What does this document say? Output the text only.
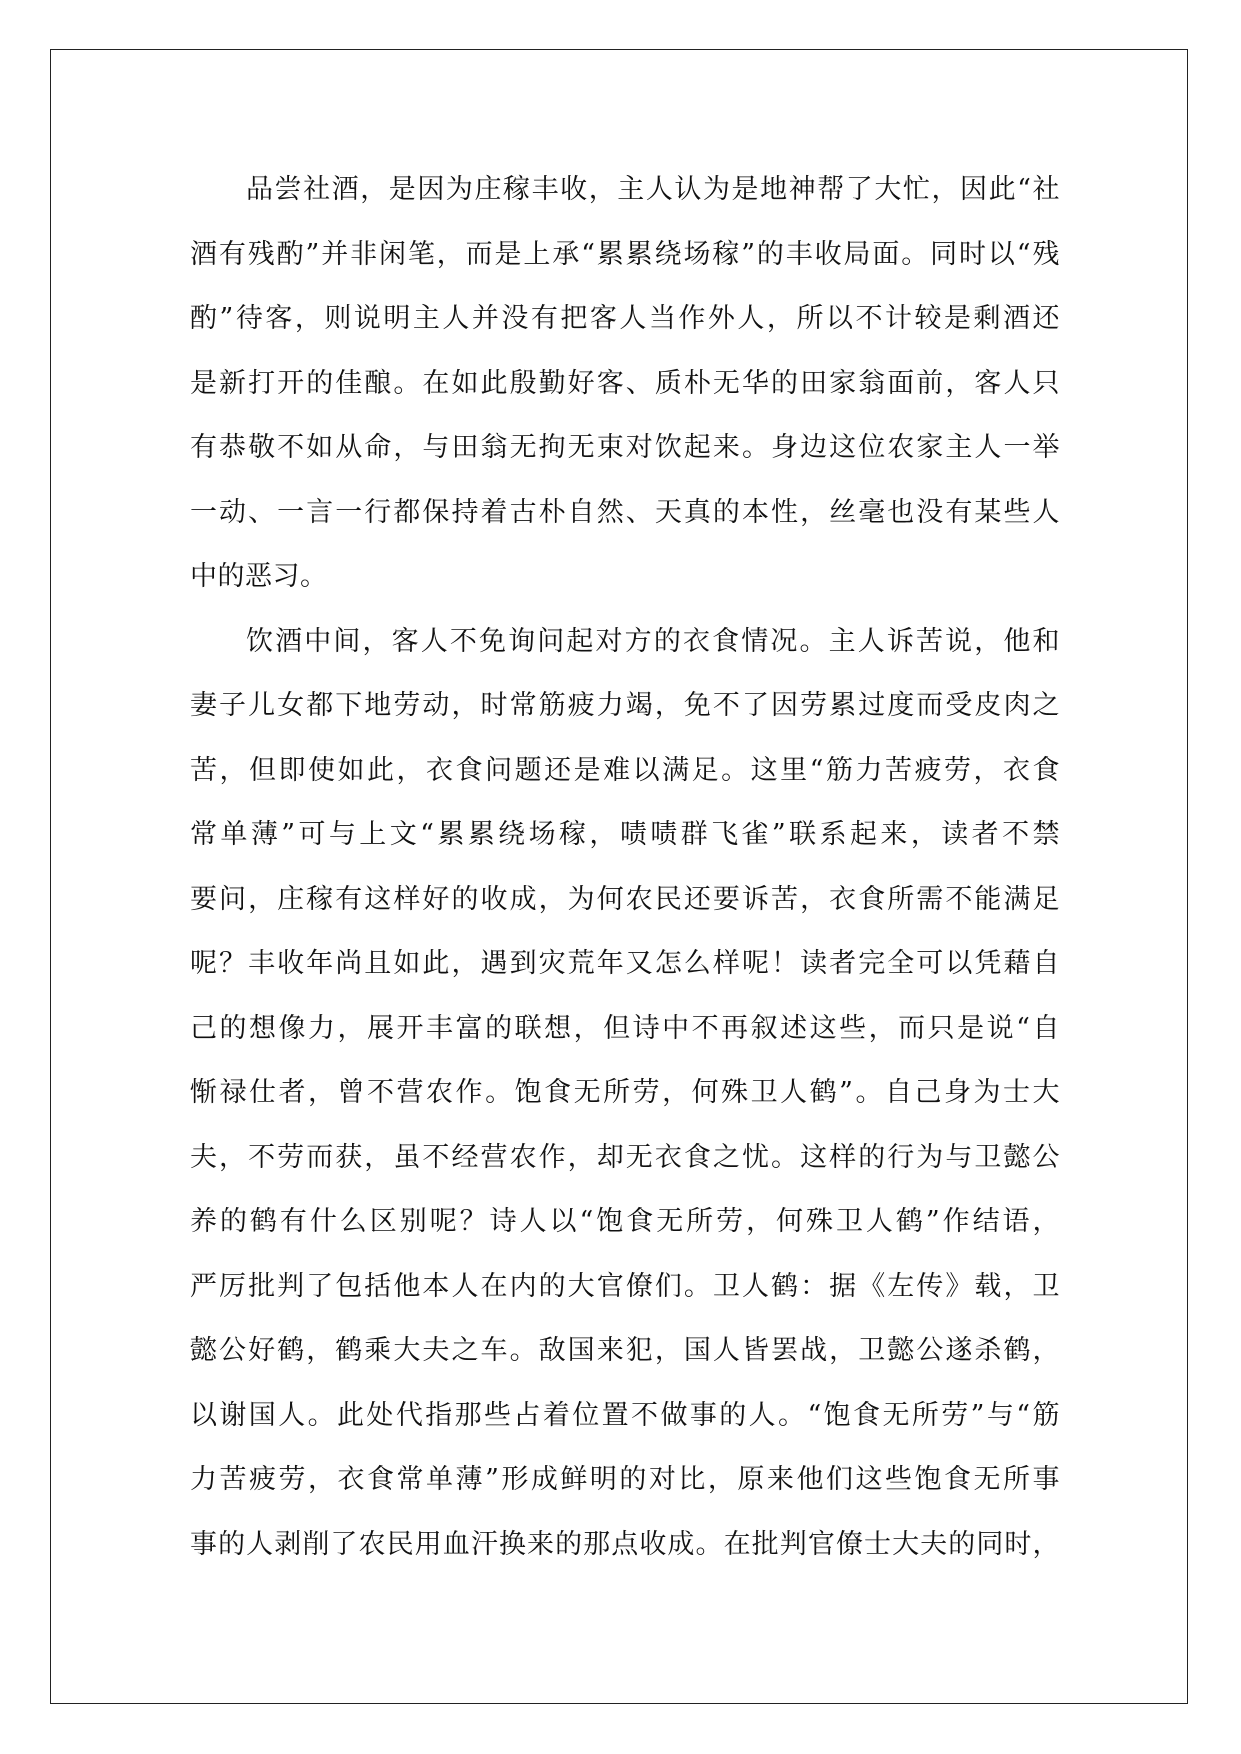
品尝社酒，是因为庄稼丰收，主人认为是地神帮了大忙，因此“社
酒有残酌”并非闲笔，而是上承“累累绕场稼”的丰收局面。同时以“残
酌”待客，则说明主人并没有把客人当作外人，所以不计较是剩酒还
是新打开的佳酿。在如此殷勤好客、质朴无华的田家翁面前，客人只
有恭敬不如从命，与田翁无拘无束对饮起来。身边这位农家主人一举
一动、一言一行都保持着古朴自然、天真的本性，丝毫也没有某些人
中的恶习。

饮酒中间，客人不免询问起对方的衣食情况。主人诉苦说，他和
妻子儿女都下地劳动，时常筋疲力竭，免不了因劳累过度而受皮肉之
苦，但即使如此，衣食问题还是难以满足。这里“筋力苦疲劳，衣食
常单薄”可与上文“累累绕场稼，啧啧群飞雀”联系起来，读者不禁
要问，庄稼有这样好的收成，为何农民还要诉苦，衣食所需不能满足
呢？丰收年尚且如此，遇到灾荒年又怎么样呢！读者完全可以凭藉自
己的想像力，展开丰富的联想，但诗中不再叙述这些，而只是说“自
惭禄仕者，曾不营农作。饱食无所劳，何殊卫人鹤”。自己身为士大
夫，不劳而获，虽不经营农作，却无衣食之忧。这样的行为与卫懿公
养的鹤有什么区别呢？诗人以“饱食无所劳，何殊卫人鹤”作结语，
严厉批判了包括他本人在内的大官僚们。卫人鹤：据《左传》载，卫
懿公好鹤，鹤乘大夫之车。敌国来犯，国人皆罢战，卫懿公遂杀鹤，
以谢国人。此处代指那些占着位置不做事的人。“饱食无所劳”与“筋
力苦疲劳，衣食常单薄”形成鲜明的对比，原来他们这些饱食无所事
事的人剥削了农民用血汗换来的那点收成。在批判官僚士大夫的同时，
